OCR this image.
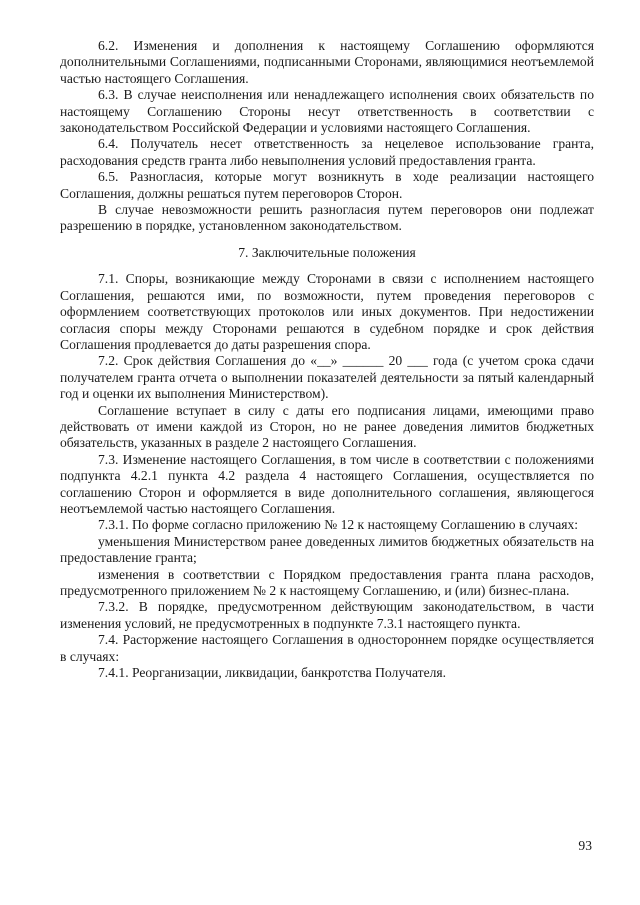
6.2. Изменения и дополнения к настоящему Соглашению оформляются дополнительными Соглашениями, подписанными Сторонами, являющимися неотъемлемой частью настоящего Соглашения.

6.3. В случае неисполнения или ненадлежащего исполнения своих обязательств по настоящему Соглашению Стороны несут ответственность в соответствии с законодательством Российской Федерации и условиями настоящего Соглашения.

6.4. Получатель несет ответственность за нецелевое использование гранта, расходования средств гранта либо невыполнения условий предоставления гранта.

6.5. Разногласия, которые могут возникнуть в ходе реализации настоящего Соглашения, должны решаться путем переговоров Сторон.

В случае невозможности решить разногласия путем переговоров они подлежат разрешению в порядке, установленном законодательством.

7. Заключительные положения

7.1. Споры, возникающие между Сторонами в связи с исполнением настоящего Соглашения, решаются ими, по возможности, путем проведения переговоров с оформлением соответствующих протоколов или иных документов. При недостижении согласия споры между Сторонами решаются в судебном порядке и срок действия Соглашения продлевается до даты разрешения спора.

7.2. Срок действия Соглашения до «__» ______ 20 ___ года (с учетом срока сдачи получателем гранта отчета о выполнении показателей деятельности за пятый календарный год и оценки их выполнения Министерством).

Соглашение вступает в силу с даты его подписания лицами, имеющими право действовать от имени каждой из Сторон, но не ранее доведения лимитов бюджетных обязательств, указанных в разделе 2 настоящего Соглашения.

7.3. Изменение настоящего Соглашения, в том числе в соответствии с положениями подпункта 4.2.1 пункта 4.2 раздела 4 настоящего Соглашения, осуществляется по соглашению Сторон и оформляется в виде дополнительного соглашения, являющегося неотъемлемой частью настоящего Соглашения.

7.3.1. По форме согласно приложению № 12 к настоящему Соглашению в случаях:

уменьшения Министерством ранее доведенных лимитов бюджетных обязательств на предоставление гранта;

изменения в соответствии с Порядком предоставления гранта плана расходов, предусмотренного приложением № 2 к настоящему Соглашению, и (или) бизнес-плана.

7.3.2. В порядке, предусмотренном действующим законодательством, в части изменения условий, не предусмотренных в подпункте 7.3.1 настоящего пункта.

7.4. Расторжение настоящего Соглашения в одностороннем порядке осуществляется в случаях:

7.4.1. Реорганизации, ликвидации, банкротства Получателя.

93
